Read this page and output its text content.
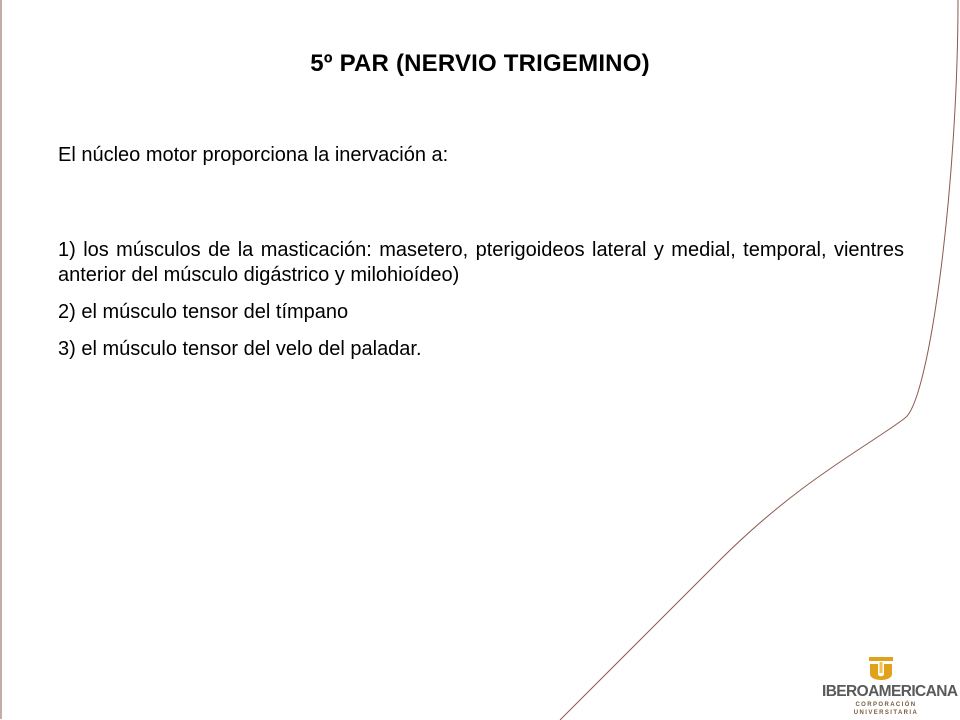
5º PAR (NERVIO TRIGEMINO)

El núcleo motor proporciona la inervación a:

1) los músculos de la masticación: masetero, pterigoideos lateral y medial, temporal, vientres anterior del músculo digástrico y milohioídeo)

2) el músculo tensor del tímpano

3) el músculo tensor del velo del paladar.

IBEROAMERICANA
CORPORACIÓN UNIVERSITARIA
